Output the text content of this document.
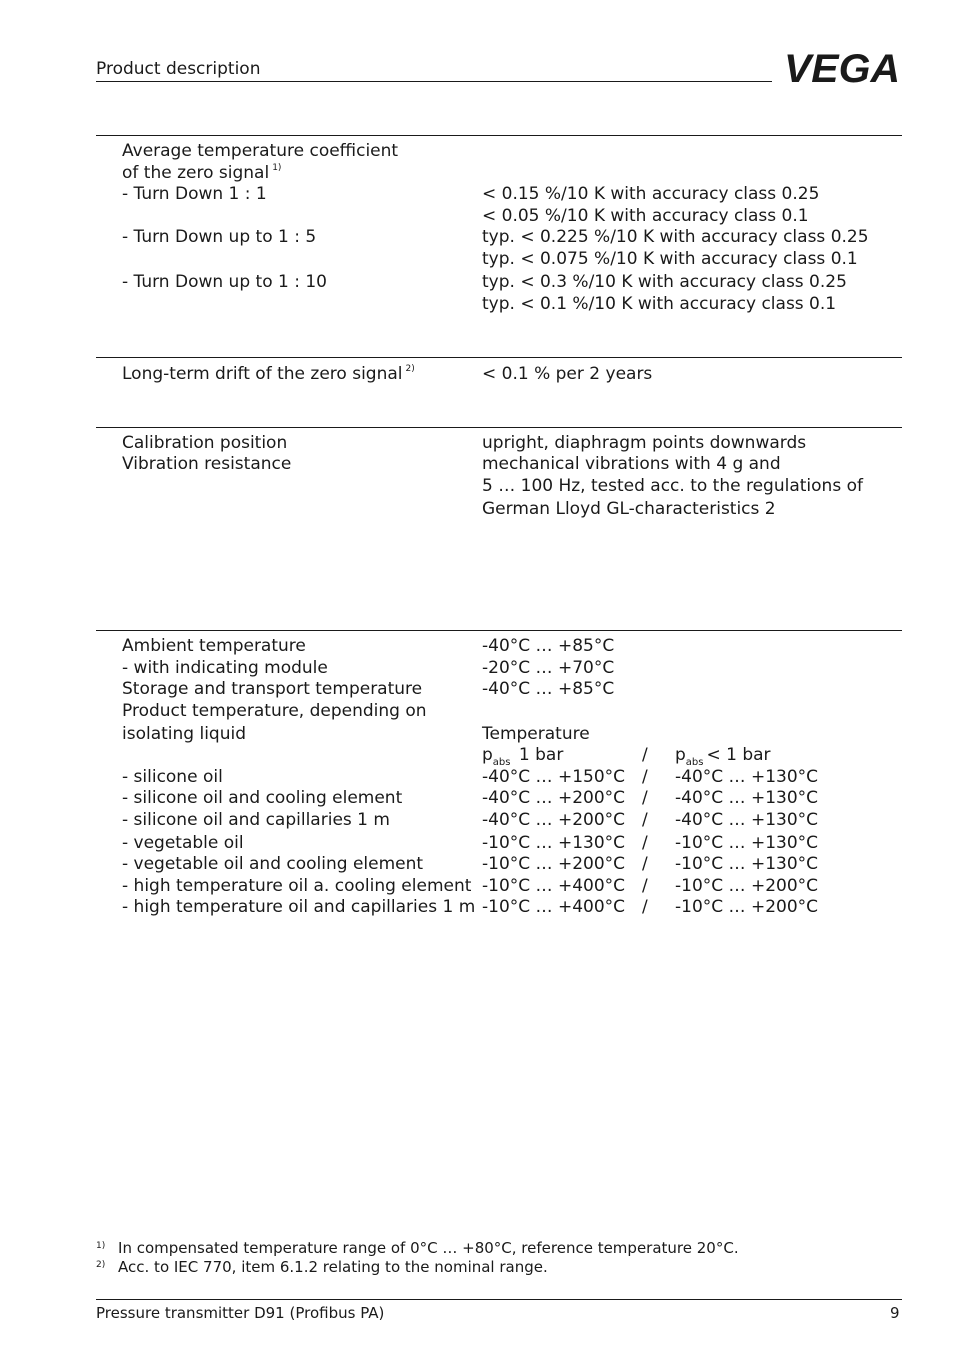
Product description	VEGA
Average temperature coefficient
of the zero signal $^{1)}$
- Turn Down 1 : 1	< 0.15 %/10 K with accuracy class 0.25
< 0.05 %/10 K with accuracy class 0.1
- Turn Down up to 1 : 5	typ. < 0.225 %/10 K with accuracy class 0.25
typ. < 0.075 %/10 K with accuracy class 0.1
- Turn Down up to 1 : 10	typ. < 0.3 %/10 K with accuracy class 0.25
typ. < 0.1 %/10 K with accuracy class 0.1
Long-term drift of the zero signal $^{2)}$	< 0.1 % per 2 years
Calibration position	upright, diaphragm points downwards
Vibration resistance	mechanical vibrations with 4 g and
5 … 100 Hz, tested acc. to the regulations of
German Lloyd GL-characteristics 2
Ambient temperature	-40°C … +85°C
- with indicating module	-20°C … +70°C
Storage and transport temperature	-40°C … +85°C
Product temperature, depending on
isolating liquid	Temperature
$p_{abs}$ 1 bar	/ $p_{abs} < 1$ bar
- silicone oil	-40°C … +150°C / -40°C … +130°C
- silicone oil and cooling element	-40°C … +200°C / -40°C … +130°C
- silicone oil and capillaries 1 m	-40°C … +200°C / -40°C … +130°C
- vegetable oil	-10°C … +130°C / -10°C … +130°C
- vegetable oil and cooling element	-10°C … +200°C / -10°C … +130°C
- high temperature oil a. cooling element -10°C … +400°C / -10°C … +200°C
- high temperature oil and capillaries 1 m -10°C … +400°C / -10°C … +200°C
$^{1)}$ In compensated temperature range of 0°C … +80°C, reference temperature 20°C.
$^{2)}$ Acc. to IEC 770, item 6.1.2 relating to the nominal range.
Pressure transmitter D91 (Profibus PA)	9
